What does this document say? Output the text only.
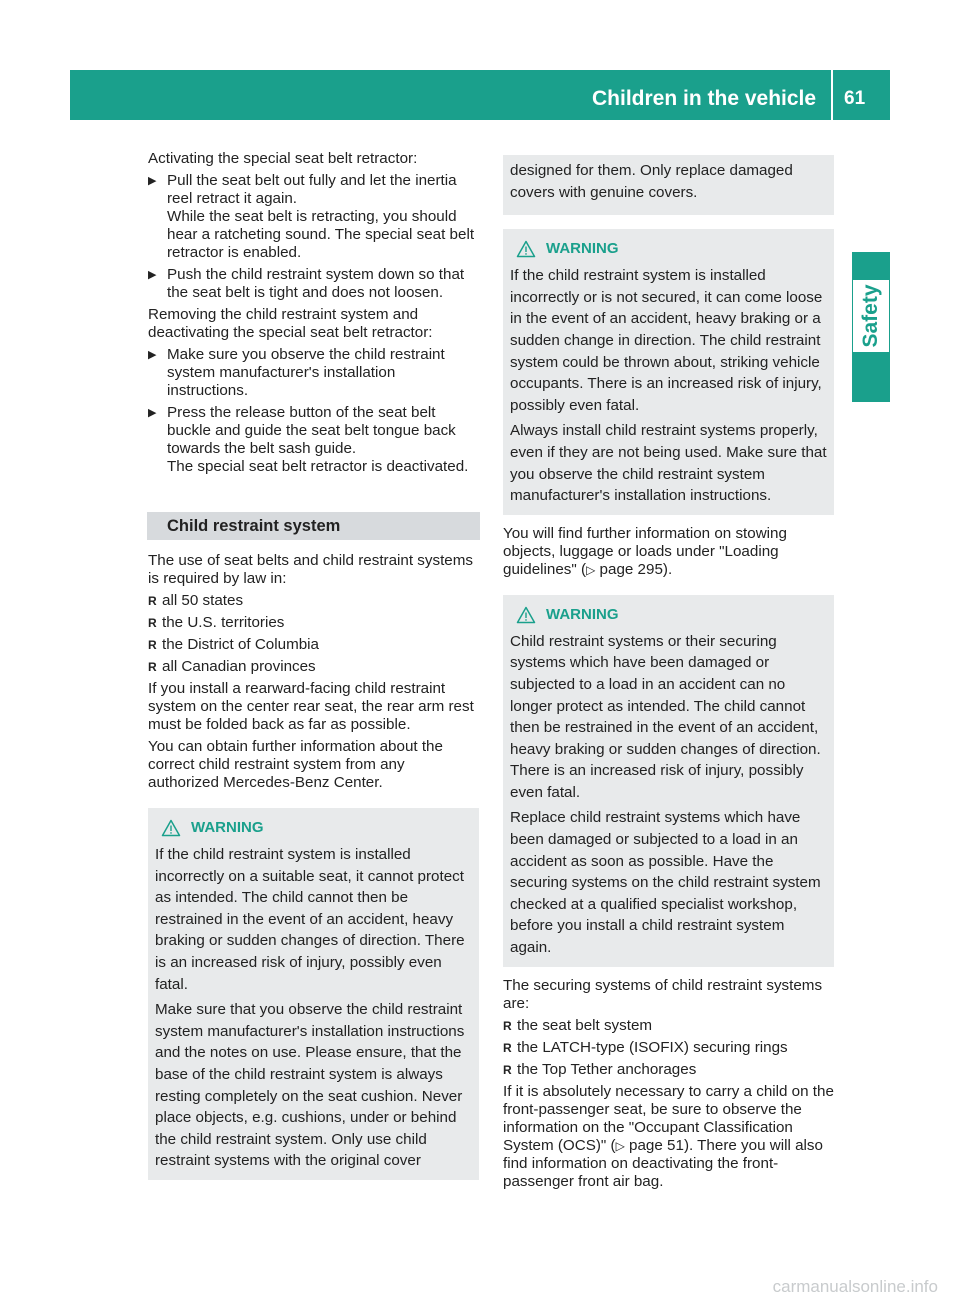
Children in the vehicle 61
Safety

Activating the special seat belt retractor:

▶ Pull the seat belt out fully and let the inertia reel retract it again.
While the seat belt is retracting, you should hear a ratcheting sound. The special seat belt retractor is enabled.
▶ Push the child restraint system down so that the seat belt is tight and does not loosen.

Removing the child restraint system and deactivating the special seat belt retractor:

▶ Make sure you observe the child restraint system manufacturer's installation instructions.
▶ Press the release button of the seat belt buckle and guide the seat belt tongue back towards the belt sash guide.
The special seat belt retractor is deactivated.
Child restraint system

The use of seat belts and child restraint systems is required by law in:

R all 50 states
R the U.S. territories
R the District of Columbia
R all Canadian provinces

If you install a rearward-facing child restraint system on the center rear seat, the rear arm rest must be folded back as far as possible.

You can obtain further information about the correct child restraint system from any authorized Mercedes-Benz Center.

WARNING

If the child restraint system is installed incorrectly on a suitable seat, it cannot protect as intended. The child cannot then be restrained in the event of an accident, heavy braking or sudden changes of direction. There is an increased risk of injury, possibly even fatal.

Make sure that you observe the child restraint system manufacturer's installation instructions and the notes on use. Please ensure, that the base of the child restraint system is always resting completely on the seat cushion. Never place objects, e.g. cushions, under or behind the child restraint system. Only use child restraint systems with the original cover

designed for them. Only replace damaged covers with genuine covers.

WARNING

If the child restraint system is installed incorrectly or is not secured, it can come loose in the event of an accident, heavy braking or a sudden change in direction. The child restraint system could be thrown about, striking vehicle occupants. There is an increased risk of injury, possibly even fatal.

Always install child restraint systems properly, even if they are not being used. Make sure that you observe the child restraint system manufacturer's installation instructions.

You will find further information on stowing objects, luggage or loads under "Loading guidelines" (▷ page 295).

WARNING

Child restraint systems or their securing systems which have been damaged or subjected to a load in an accident can no longer protect as intended. The child cannot then be restrained in the event of an accident, heavy braking or sudden changes of direction. There is an increased risk of injury, possibly even fatal.

Replace child restraint systems which have been damaged or subjected to a load in an accident as soon as possible. Have the securing systems on the child restraint system checked at a qualified specialist workshop, before you install a child restraint system again.

The securing systems of child restraint systems are:

R the seat belt system
R the LATCH-type (ISOFIX) securing rings
R the Top Tether anchorages

If it is absolutely necessary to carry a child on the front-passenger seat, be sure to observe the information on the "Occupant Classification System (OCS)" (▷ page 51). There you will also find information on deactivating the front-passenger front air bag.

carmanualsonline.info
